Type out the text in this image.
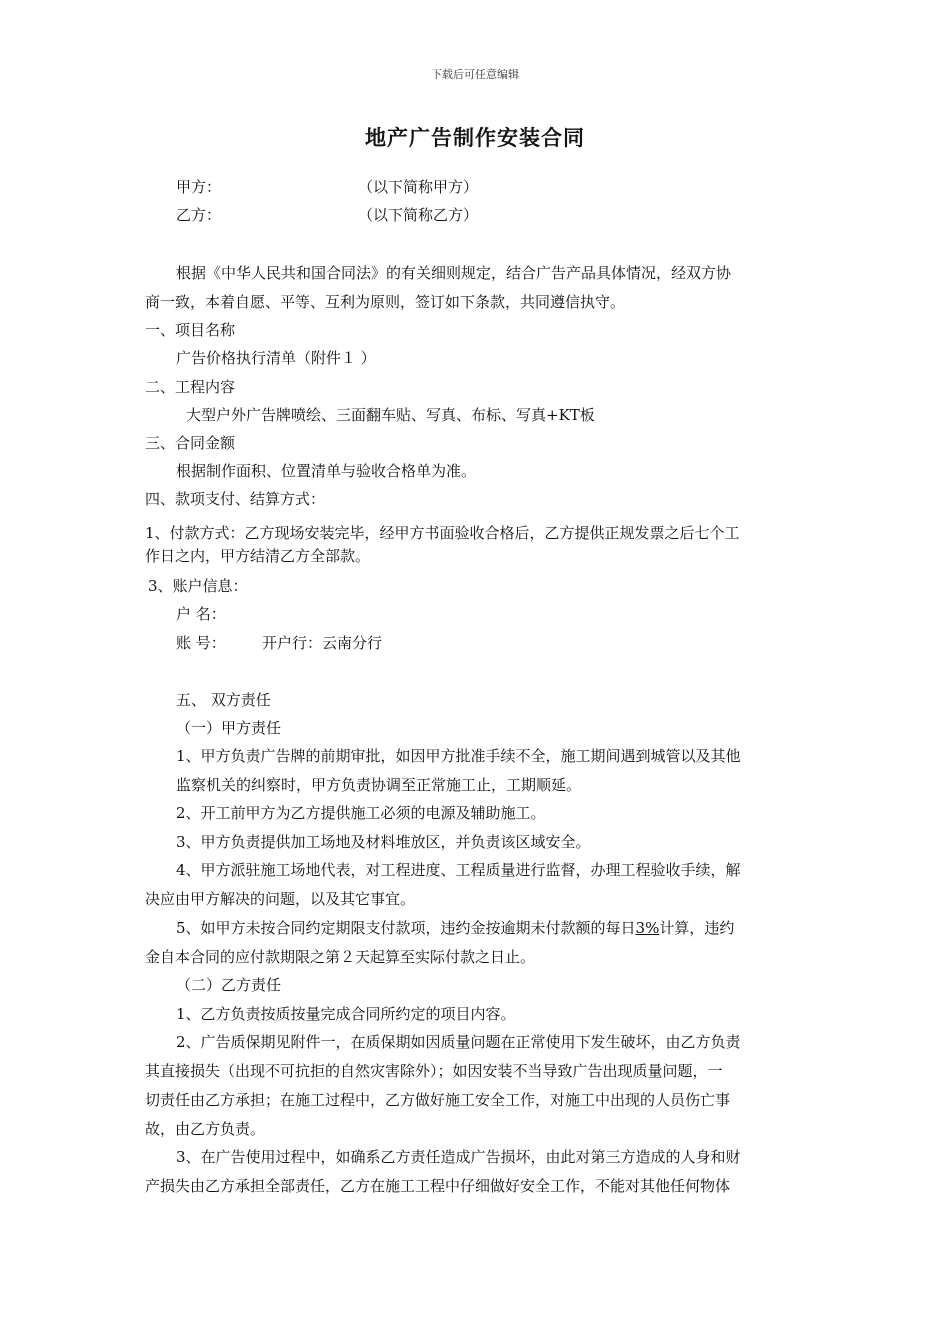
下载后可任意编辑
地产广告制作安装合同
甲方：	（以下简称甲方）
乙方：	（以下简称乙方）
根据《中华人民共和国合同法》的有关细则规定，结合广告产品具体情况，经双方协
商一致，本着自愿、平等、互利为原则，签订如下条款，共同遵信执守。
一、项目名称
广告价格执行清单（附件１ ）
二、工程内容
大型户外广告牌喷绘、三面翻车贴、写真、布标、写真+KT板
三、合同金额
根据制作面积、位置清单与验收合格单为准。
四、款项支付、结算方式：
1、付款方式：乙方现场安装完毕，经甲方书面验收合格后，乙方提供正规发票之后七个工
作日之内，甲方结清乙方全部款。
3、账户信息：
户 名：
账 号： 开户行：云南分行
五、 双方责任
（一）甲方责任
1、甲方负责广告牌的前期审批，如因甲方批准手续不全，施工期间遇到城管以及其他
监察机关的纠察时，甲方负责协调至正常施工止，工期顺延。
2、开工前甲方为乙方提供施工必须的电源及辅助施工。
3、甲方负责提供加工场地及材料堆放区，并负责该区域安全。
4、甲方派驻施工场地代表，对工程进度、工程质量进行监督，办理工程验收手续，解
决应由甲方解决的问题，以及其它事宜。
5、如甲方未按合同约定期限支付款项，违约金按逾期未付款额的每日3%计算，违约
金自本合同的应付款期限之第２天起算至实际付款之日止。
（二）乙方责任
1、乙方负责按质按量完成合同所约定的项目内容。
2、广告质保期见附件一，在质保期如因质量问题在正常使用下发生破坏，由乙方负责
其直接损失（出现不可抗拒的自然灾害除外）；如因安装不当导致广告出现质量问题，一
切责任由乙方承担；在施工过程中，乙方做好施工安全工作，对施工中出现的人员伤亡事
故，由乙方负责。
3、在广告使用过程中，如确系乙方责任造成广告损坏，由此对第三方造成的人身和财
产损失由乙方承担全部责任，乙方在施工工程中仔细做好安全工作，不能对其他任何物体
